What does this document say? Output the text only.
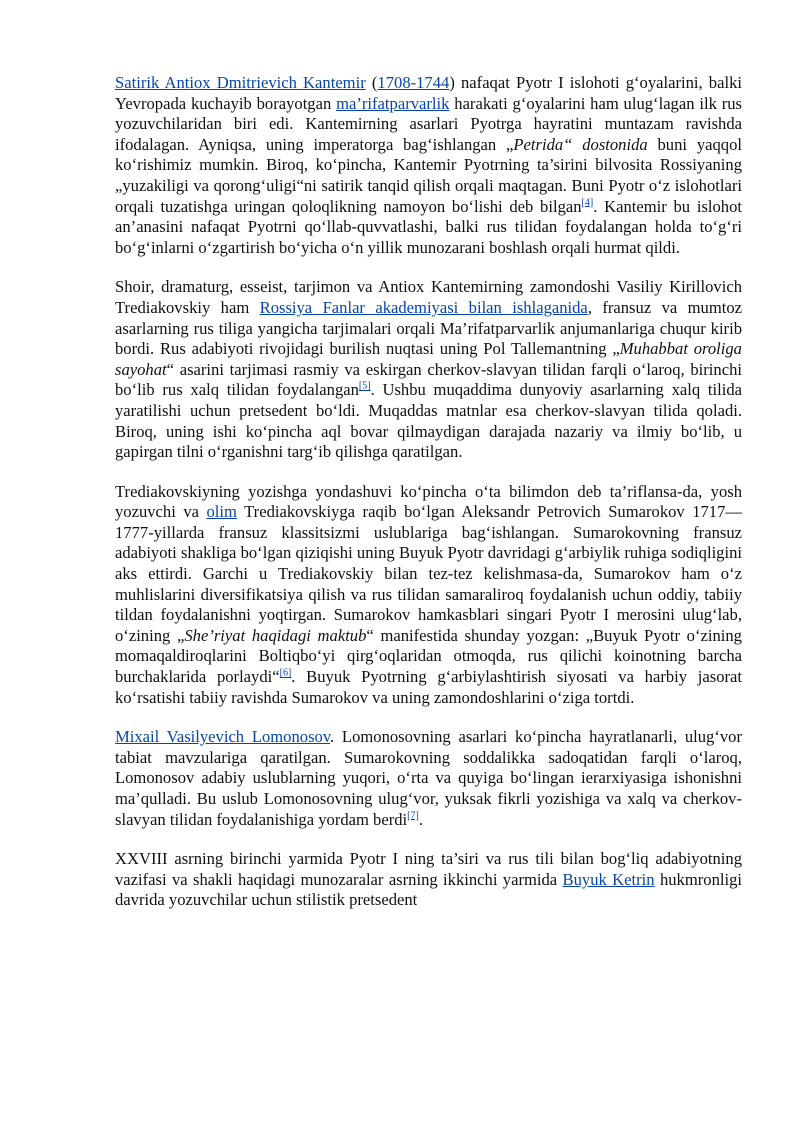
Satirik Antiox Dmitrievich Kantemir (1708-1744) nafaqat Pyotr I islohoti g‘oyalarini, balki Yevropada kuchayib borayotgan ma’rifatparvarlik harakati g‘oyalarini ham ulug‘lagan ilk rus yozuvchilaridan biri edi. Kantemirning asarlari Pyotrga hayratini muntazam ravishda ifodalagan. Ayniqsa, uning imperatorga bag‘ishlangan „Petrida“ dostonida buni yaqqol ko‘rishimiz mumkin. Biroq, ko‘pincha, Kantemir Pyotrning ta’sirini bilvosita Rossiyaning „yuzakiligi va qorong‘uligi“ni satirik tanqid qilish orqali maqtagan. Buni Pyotr o‘z islohotlari orqali tuzatishga uringan qoloqlikning namoyon bo‘lishi deb bilgan[4]. Kantemir bu islohot an’anasini nafaqat Pyotrni qo‘llab-quvvatlashi, balki rus tilidan foydalangan holda to‘g‘ri bo‘g‘inlarni o‘zgartirish bo‘yicha o‘n yillik munozarani boshlash orqali hurmat qildi.

Shoir, dramaturg, esseist, tarjimon va Antiox Kantemirning zamondoshi Vasiliy Kirillovich Trediakovskiy ham Rossiya Fanlar akademiyasi bilan ishlaganida, fransuz va mumtoz asarlarning rus tiliga yangicha tarjimalari orqali Ma’rifatparvarlik anjumanlariga chuqur kirib bordi. Rus adabiyoti rivojidagi burilish nuqtasi uning Pol Tallemantning „Muhabbat oroliga sayohat“ asarini tarjimasi rasmiy va eskirgan cherkov-slavyan tilidan farqli o‘laroq, birinchi bo‘lib rus xalq tilidan foydalangan[5]. Ushbu muqaddima dunyoviy asarlarning xalq tilida yaratilishi uchun pretsedent bo‘ldi. Muqaddas matnlar esa cherkov-slavyan tilida qoladi. Biroq, uning ishi ko‘pincha aql bovar qilmaydigan darajada nazariy va ilmiy bo‘lib, u gapirgan tilni o‘rganishni targ‘ib qilishga qaratilgan.

Trediakovskiyning yozishga yondashuvi ko‘pincha o‘ta bilimdon deb ta’riflansa-da, yosh yozuvchi va olim Trediakovskiyga raqib bo‘lgan Aleksandr Petrovich Sumarokov 1717—1777-yillarda fransuz klassitsizmi uslublariga bag‘ishlangan. Sumarokovning fransuz adabiyoti shakliga bo‘lgan qiziqishi uning Buyuk Pyotr davridagi g‘arbiylik ruhiga sodiqligini aks ettirdi. Garchi u Trediakovskiy bilan tez-tez kelishmasa-da, Sumarokov ham o‘z muhlislarini diversifikatsiya qilish va rus tilidan samaraliroq foydalanish uchun oddiy, tabiiy tildan foydalanishni yoqtirgan. Sumarokov hamkasblari singari Pyotr I merosini ulug‘lab, o‘zining „She’riyat haqidagi maktub“ manifestida shunday yozgan: „Buyuk Pyotr o‘zining momaqaldiroqlarini Boltiqbo‘yi qirg‘oqlaridan otmoqda, rus qilichi koinotning barcha burchaklarida porlaydi“[6]. Buyuk Pyotrning g‘arbiylashtirish siyosati va harbiy jasorat ko‘rsatishi tabiiy ravishda Sumarokov va uning zamondoshlarini o‘ziga tortdi.

Mixail Vasilyevich Lomonosov. Lomonosovning asarlari ko‘pincha hayratlanarli, ulug‘vor tabiat mavzulariga qaratilgan. Sumarokovning soddalikka sadoqatidan farqli o‘laroq, Lomonosov adabiy uslublarning yuqori, o‘rta va quyiga bo‘lingan ierarxiyasiga ishonishni ma’qulladi. Bu uslub Lomonosovning ulug‘vor, yuksak fikrli yozishiga va xalq va cherkov-slavyan tilidan foydalanishiga yordam berdi[7].

XXVIII asrning birinchi yarmida Pyotr I ning ta’siri va rus tili bilan bog‘liq adabiyotning vazifasi va shakli haqidagi munozaralar asrning ikkinchi yarmida Buyuk Ketrin hukmronligi davrida yozuvchilar uchun stilistik pretsedent
